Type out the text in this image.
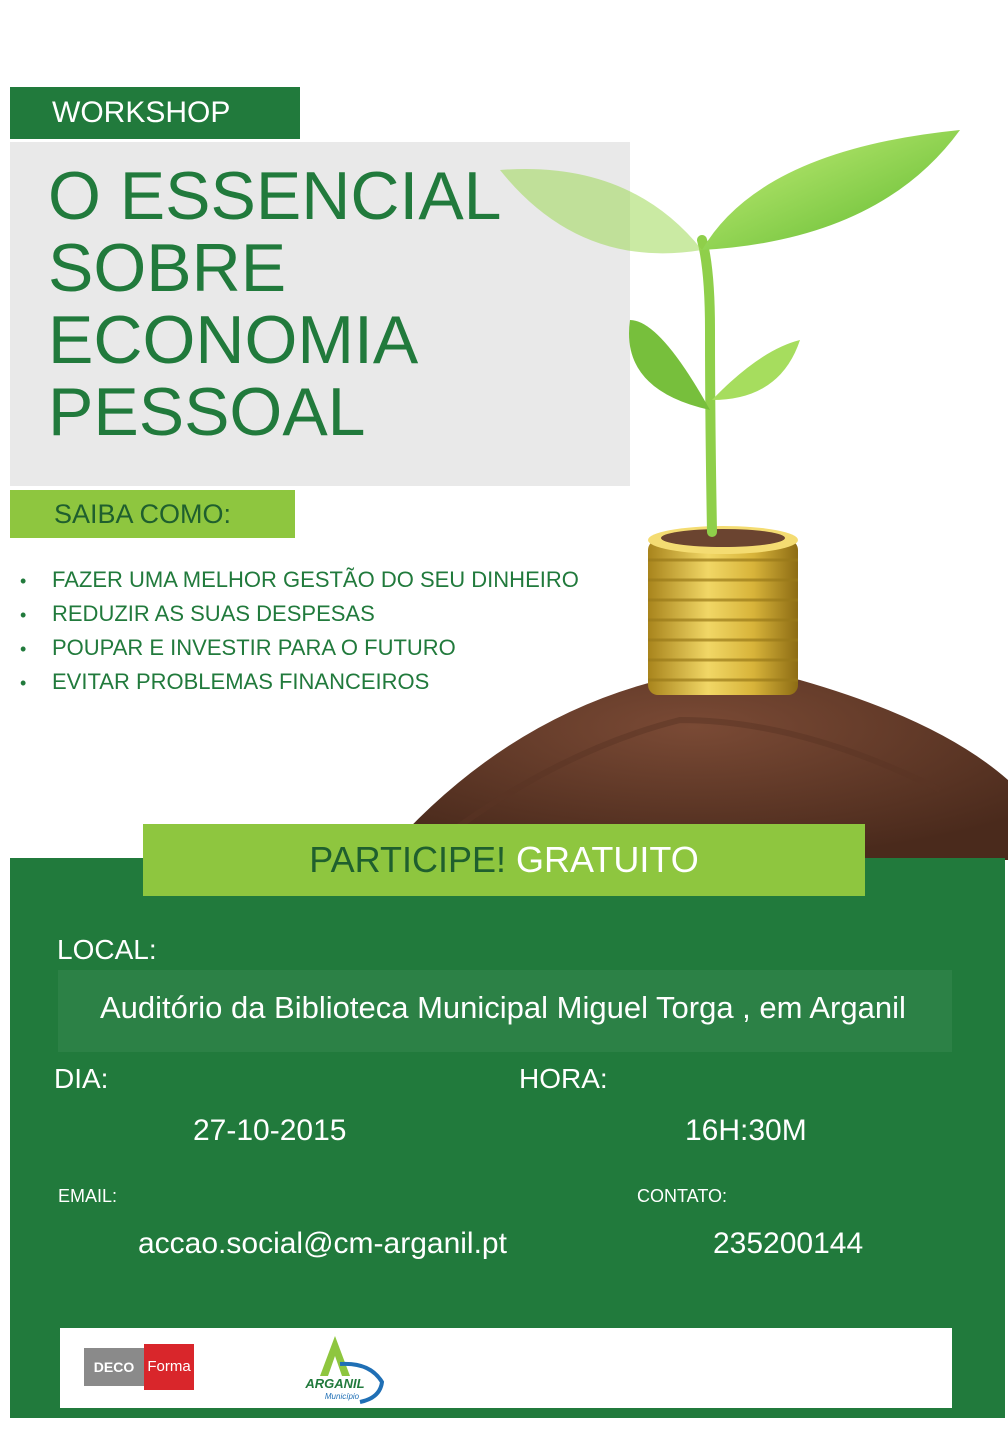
WORKSHOP
O ESSENCIAL
SOBRE
ECONOMIA
PESSOAL
SAIBA COMO:
• FAZER UMA MELHOR GESTÃO DO SEU DINHEIRO
• REDUZIR AS SUAS DESPESAS
• POUPAR E INVESTIR PARA O FUTURO
• EVITAR PROBLEMAS FINANCEIROS
PARTICIPE! GRATUITO
LOCAL:
Auditório da Biblioteca Municipal Miguel Torga , em Arganil
DIA:	HORA:
27-10-2015	16H:30M
EMAIL:	CONTATO:
accao.social@cm-arganil.pt	235200144
DECO Forma
ARGANIL
Município
